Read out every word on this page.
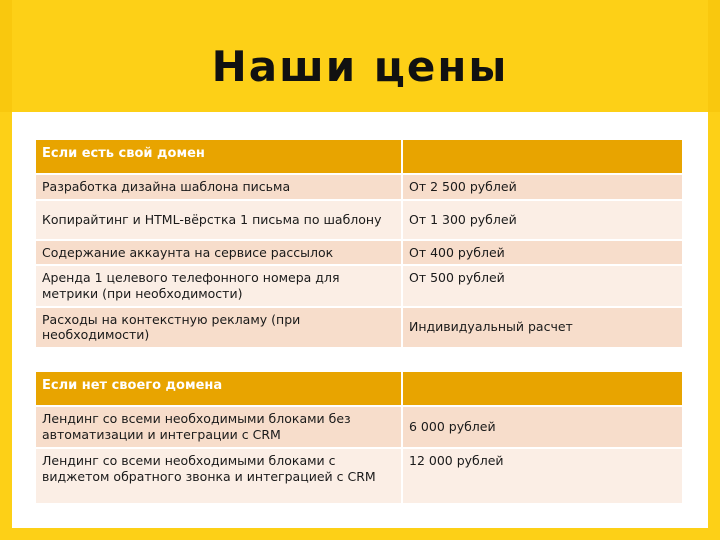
Наши цены
Если есть свой домен	
Разработка дизайна шаблона письма	От 2 500 рублей
Копирайтинг и HTML-вёрстка 1 письма по шаблону	От 1 300 рублей
Содержание аккаунта на сервисе рассылок	От 400 рублей
Аренда 1 целевого телефонного номера для метрики (при необходимости)	От 500 рублей
Расходы на контекстную рекламу (при необходимости)	Индивидуальный расчет
Если нет своего домена	
Лендинг со всеми необходимыми блоками без автоматизации и интеграции с CRM	6 000 рублей
Лендинг со всеми необходимыми блоками с виджетом обратного звонка и интеграцией с CRM	12 000 рублей
